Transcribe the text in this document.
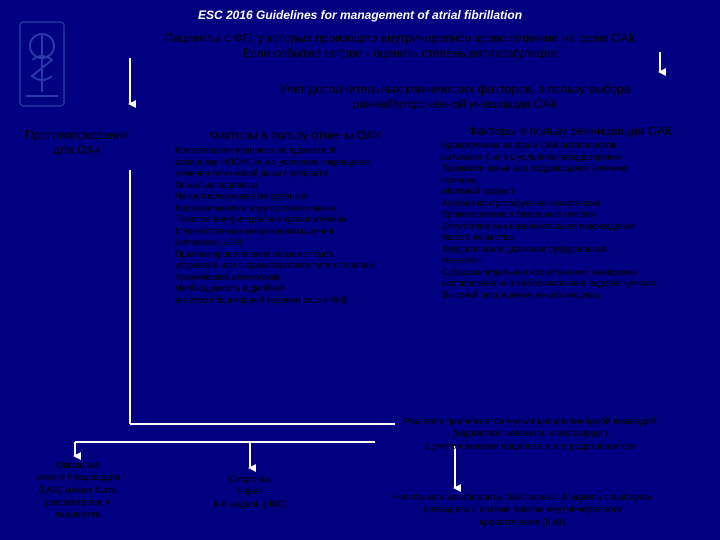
ESC 2016 Guidelines for management of atrial fibrillation
Пациенты с ФП, у которых произошло внутричерепное кровоизлияние на фоне ОАК
Если событие острое - оценить степень антикоагуляции
Учет дополнительных клинических факторов, в пользу выбора
ранней/отсроченной инициации ОАК
Противопоказания
для ОАК
Факторы в пользу отмены ОАК
Кровотечение возникло на адекватной
дозировке НПОАК или в условиях сокращения
лечения или низкой дозы препарата
Пожилые пациенты
Неконтролируемая гипертензия
Кровоизлияние в кору головного мозга
Тяжелое внутричерепное кровоизлияние
Множественные микрокровоизлияния
(например, ≥10)
Причина кровотечения не может быть
устранена или скорректирована путем терапии
Хронический алкоголизм
Необходимость в двойной
антитромбоцитарной терапии после ЧКВ
Факторы в пользу реинициации ОАК
Кровотечение на фоне ОАК антагонистов
витамина К или в условиях передозировки
Травматическая или поддающаяся лечению
причина
Молодой возраст
Хорошо контролируемая гипертензия
Кровоизлияние в базальные ганглии
Отсутствие или незначительное повреждение
белого вещества
Хирургическое удаление субдуральной
гематомы
Субарахноидальное кровотечение: аневризма
клипирована или эмболизирована эндоваскулярно
Высокий риск ишемического инсульта
Решение принимается мультидисциплинарной командой
(кардиолог, невролог, нейрохирург)
с учетом мнения пациента и его родственников
Окклюзия
левого предсердия
(LAA) может быть
рассмотрена у
пациентов
Отсрочка
через
4-8 недель (IIbC)
Начать или возобновить ОАК через 4-8 недель с выбором
препарата с низким риском внутричерепного
кровотечения (IIbB)
